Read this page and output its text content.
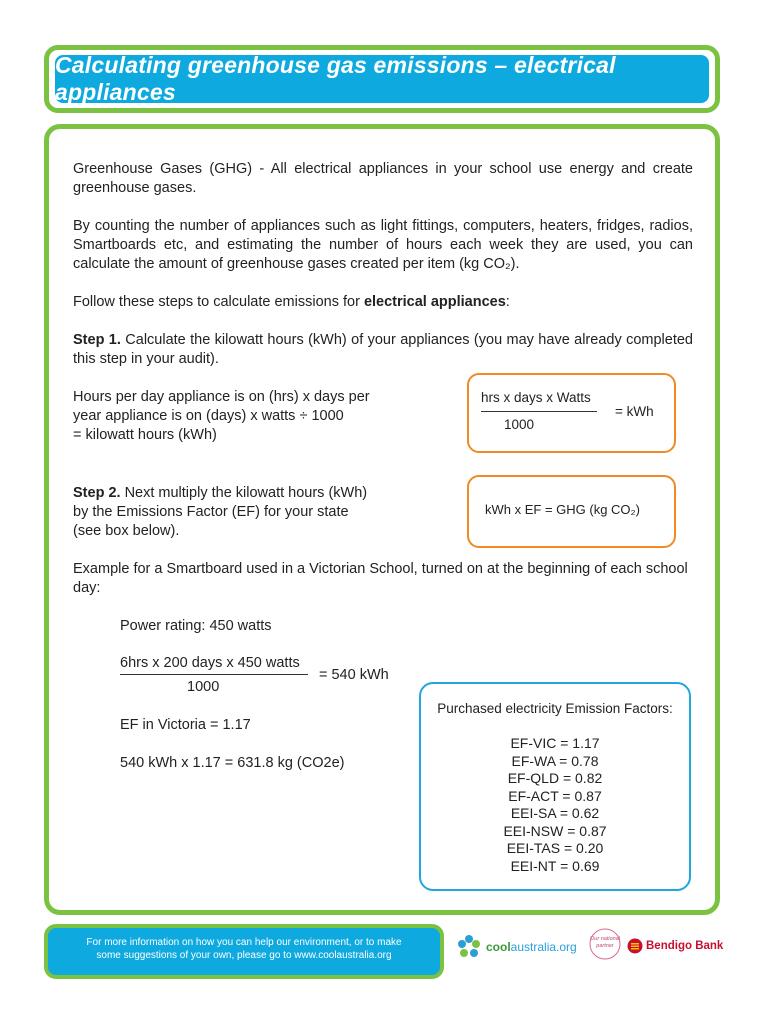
Calculating greenhouse gas emissions – electrical appliances
Greenhouse Gases (GHG) - All electrical appliances in your school use energy and create greenhouse gases.
By counting the number of appliances such as light fittings, computers, heaters, fridges, radios, Smartboards etc, and estimating the number of hours each week they are used, you can calculate the amount of greenhouse gases created per item (kg CO₂).
Follow these steps to calculate emissions for electrical appliances:
Step 1. Calculate the kilowatt hours (kWh) of your appliances (you may have already completed this step in your audit).
Hours per day appliance is on (hrs) x days per
year appliance is on (days) x watts ÷ 1000
= kilowatt hours (kWh)
hrs x days x Watts
1000
= kWh
Step 2. Next multiply the kilowatt hours (kWh)
by the Emissions Factor (EF) for your state
(see box below).
kWh x EF = GHG (kg CO₂)
Example for a Smartboard used in a Victorian School, turned on at the beginning of each school day:
Power rating: 450 watts
6hrs x 200 days x 450 watts
1000
= 540 kWh
EF in Victoria = 1.17
540 kWh x 1.17 = 631.8 kg (CO2e)
Purchased electricity Emission Factors:
EF-VIC = 1.17
EF-WA = 0.78
EF-QLD = 0.82
EF-ACT = 0.87
EEI-SA = 0.62
EEI-NSW = 0.87
EEI-TAS = 0.20
EEI-NT = 0.69
For more information on how you can help our environment, or to make
some suggestions of your own, please go to www.coolaustralia.org
coolaustralia.org
Our national
partner	Bendigo Bank
